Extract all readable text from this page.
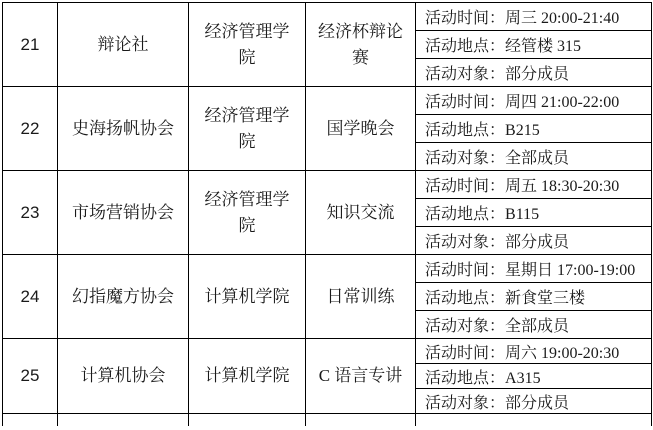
21	辩论社	经济管理学院	经济杯辩论赛	活动时间：周三 20:00-21:40
				活动地点：经管楼 315
				活动对象：部分成员
22	史海扬帆协会	经济管理学院	国学晚会	活动时间：周四 21:00-22:00
				活动地点：B215
				活动对象：全部成员
23	市场营销协会	经济管理学院	知识交流	活动时间：周五 18:30-20:30
				活动地点：B115
				活动对象：部分成员
24	幻指魔方协会	计算机学院	日常训练	活动时间：星期日 17:00-19:00
				活动地点：新食堂三楼
				活动对象：全部成员
25	计算机协会	计算机学院	C 语言专讲	活动时间：周六 19:00-20:30
				活动地点：A315
				活动对象：部分成员
